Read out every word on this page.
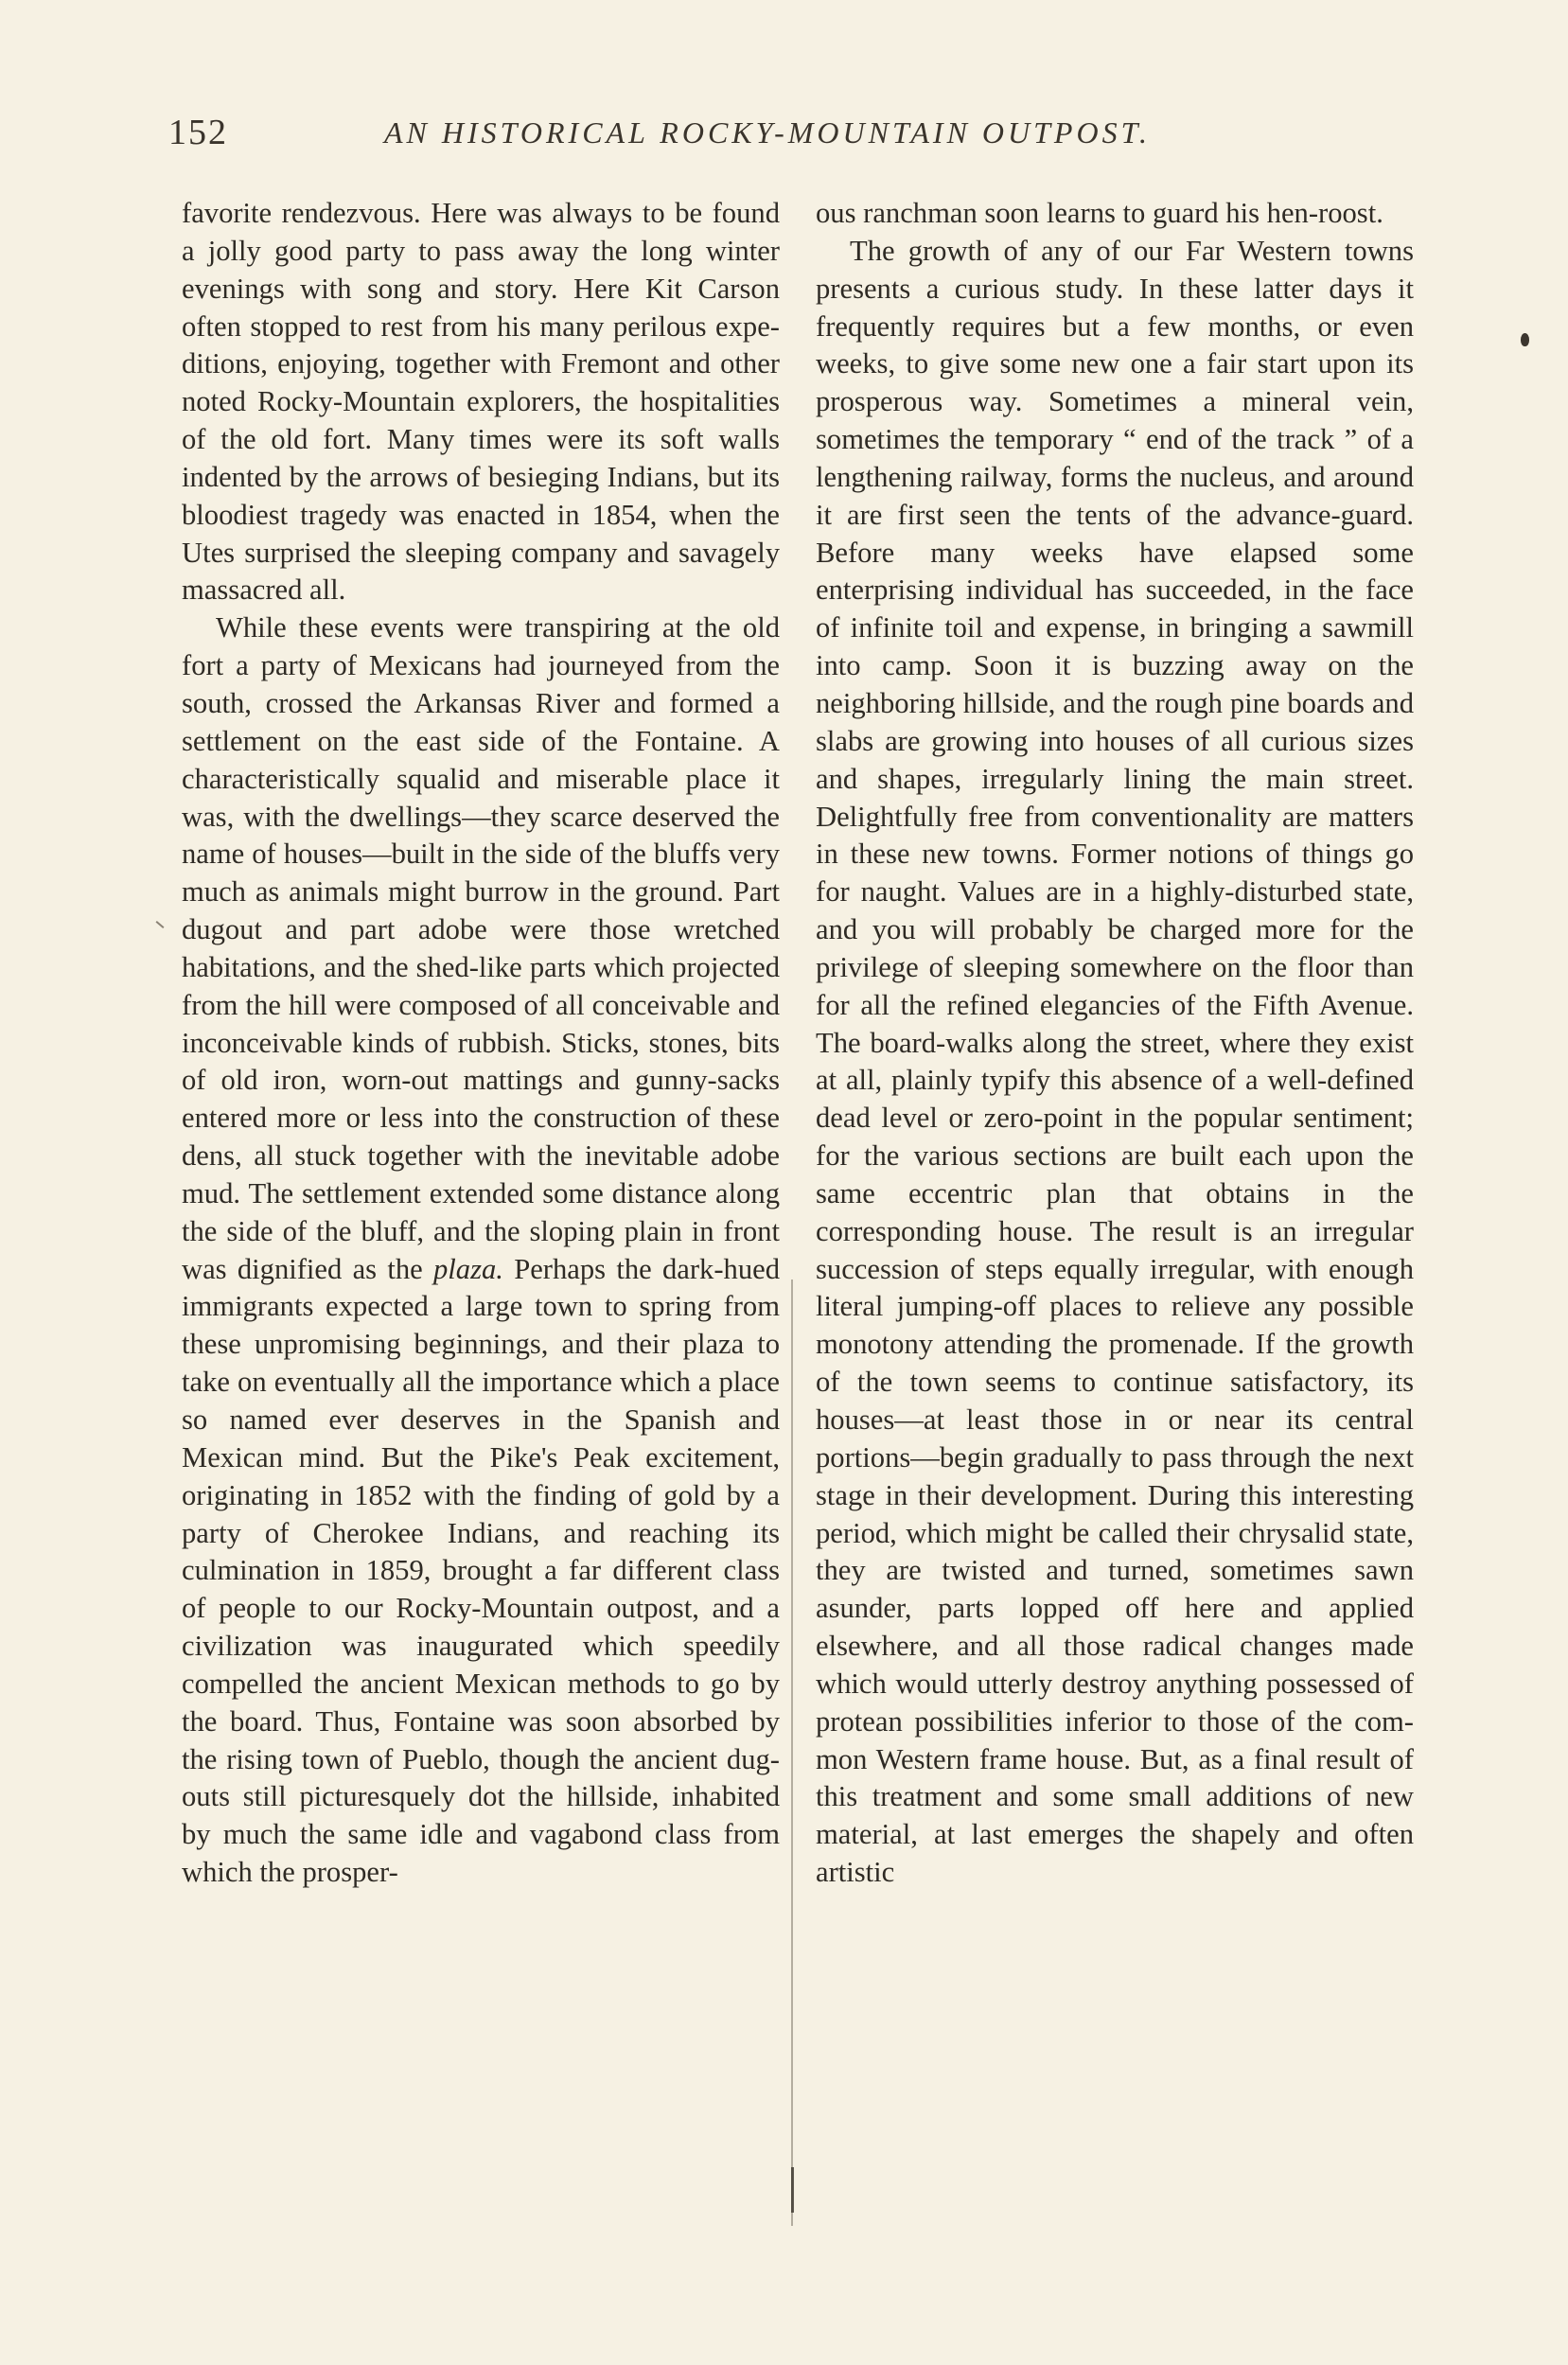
152	AN HISTORICAL ROCKY-MOUNTAIN OUTPOST.

favorite rendezvous. Here was always to be found a jolly good party to pass away the long winter evenings with song and story. Here Kit Carson often stopped to rest from his many perilous expeditions, enjoying, together with Fremont and other noted Rocky-Mountain explorers, the hospitalities of the old fort. Many times were its soft walls indented by the arrows of besieging Indians, but its bloodiest tragedy was enacted in 1854, when the Utes surprised the sleeping company and savagely massacred all.

While these events were transpiring at the old fort a party of Mexicans had journeyed from the south, crossed the Arkansas River and formed a settlement on the east side of the Fontaine. A characteristically squalid and miserable place it was, with the dwellings—they scarce deserved the name of houses—built in the side of the bluffs very much as animals might burrow in the ground. Part dugout and part adobe were those wretched habitations, and the shed-like parts which projected from the hill were composed of all conceivable and inconceivable kinds of rubbish. Sticks, stones, bits of old iron, worn-out mattings and gunny-sacks entered more or less into the construction of these dens, all stuck together with the inevitable adobe mud. The settlement extended some distance along the side of the bluff, and the sloping plain in front was dignified as the plaza. Perhaps the dark-hued immigrants expected a large town to spring from these unpromising beginnings, and their plaza to take on eventually all the importance which a place so named ever deserves in the Spanish and Mexican mind. But the Pike's Peak excitement, originating in 1852 with the finding of gold by a party of Cherokee Indians, and reaching its culmination in 1859, brought a far different class of people to our Rocky-Mountain outpost, and a civilization was inaugurated which speedily compelled the ancient Mexican methods to go by the board. Thus, Fontaine was soon absorbed by the rising town of Pueblo, though the ancient dugouts still picturesquely dot the hillside, inhabited by much the same idle and vagabond class from which the prosper-

ous ranchman soon learns to guard his hen-roost.

The growth of any of our Far Western towns presents a curious study. In these latter days it frequently requires but a few months, or even weeks, to give some new one a fair start upon its prosperous way. Sometimes a mineral vein, sometimes the temporary “ end of the track ” of a lengthening railway, forms the nucleus, and around it are first seen the tents of the advance-guard. Before many weeks have elapsed some enterprising individual has succeeded, in the face of infinite toil and expense, in bringing a sawmill into camp. Soon it is buzzing away on the neighboring hillside, and the rough pine boards and slabs are growing into houses of all curious sizes and shapes, irregularly lining the main street. Delightfully free from conventionality are matters in these new towns. Former notions of things go for naught. Values are in a highly-disturbed state, and you will probably be charged more for the privilege of sleeping somewhere on the floor than for all the refined elegancies of the Fifth Avenue. The board-walks along the street, where they exist at all, plainly typify this absence of a well-defined dead level or zero-point in the popular sentiment; for the various sections are built each upon the same eccentric plan that obtains in the corresponding house. The result is an irregular succession of steps equally irregular, with enough literal jumping-off places to relieve any possible monotony attending the promenade. If the growth of the town seems to continue satisfactory, its houses—at least those in or near its central portions—begin gradually to pass through the next stage in their development. During this interesting period, which might be called their chrysalid state, they are twisted and turned, sometimes sawn asunder, parts lopped off here and applied elsewhere, and all those radical changes made which would utterly destroy anything possessed of protean possibilities inferior to those of the common Western frame house. But, as a final result of this treatment and some small additions of new material, at last emerges the shapely and often artistic
